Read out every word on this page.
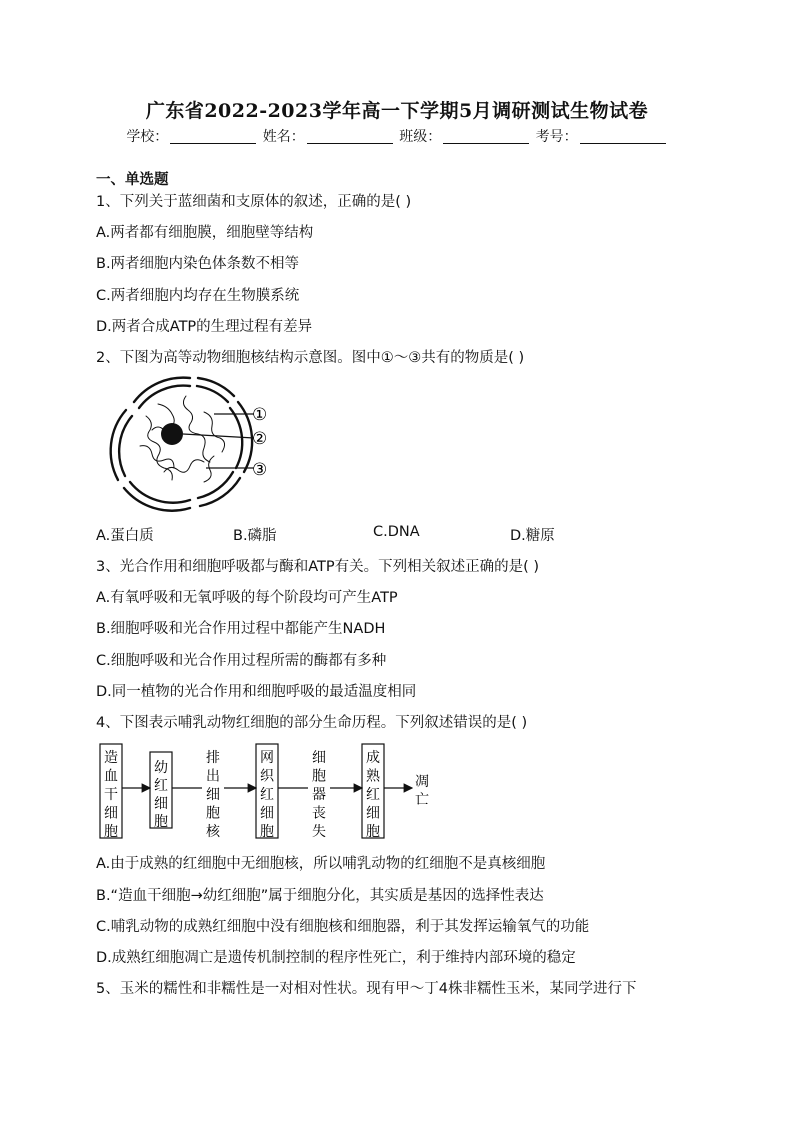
广东省2022-2023学年高一下学期5月调研测试生物试卷
学校：	姓名：	班级：	考号：
一、单选题
1、下列关于蓝细菌和支原体的叙述，正确的是( )
A.两者都有细胞膜，细胞壁等结构
B.两者细胞内染色体条数不相等
C.两者细胞内均存在生物膜系统
D.两者合成ATP的生理过程有差异
2、下图为高等动物细胞核结构示意图。图中①～③共有的物质是( )
①
②
③
A.蛋白质	B.磷脂	C.DNA	D.糖原
3、光合作用和细胞呼吸都与酶和ATP有关。下列相关叙述正确的是( )
A.有氧呼吸和无氧呼吸的每个阶段均可产生ATP
B.细胞呼吸和光合作用过程中都能产生NADH
C.细胞呼吸和光合作用过程所需的酶都有多种
D.同一植物的光合作用和细胞呼吸的最适温度相同
4、下图表示哺乳动物红细胞的部分生命历程。下列叙述错误的是( )
造
血
干
细
胞
幼
红
细
胞
网
织
红
细
胞
成
熟
红
细
胞
排
出
细
胞
核
细
胞
器
丧
失
凋
亡
A.由于成熟的红细胞中无细胞核，所以哺乳动物的红细胞不是真核细胞
B.“造血干细胞→幼红细胞”属于细胞分化，其实质是基因的选择性表达
C.哺乳动物的成熟红细胞中没有细胞核和细胞器，利于其发挥运输氧气的功能
D.成熟红细胞凋亡是遗传机制控制的程序性死亡，利于维持内部环境的稳定
5、玉米的糯性和非糯性是一对相对性状。现有甲～丁4株非糯性玉米，某同学进行下
